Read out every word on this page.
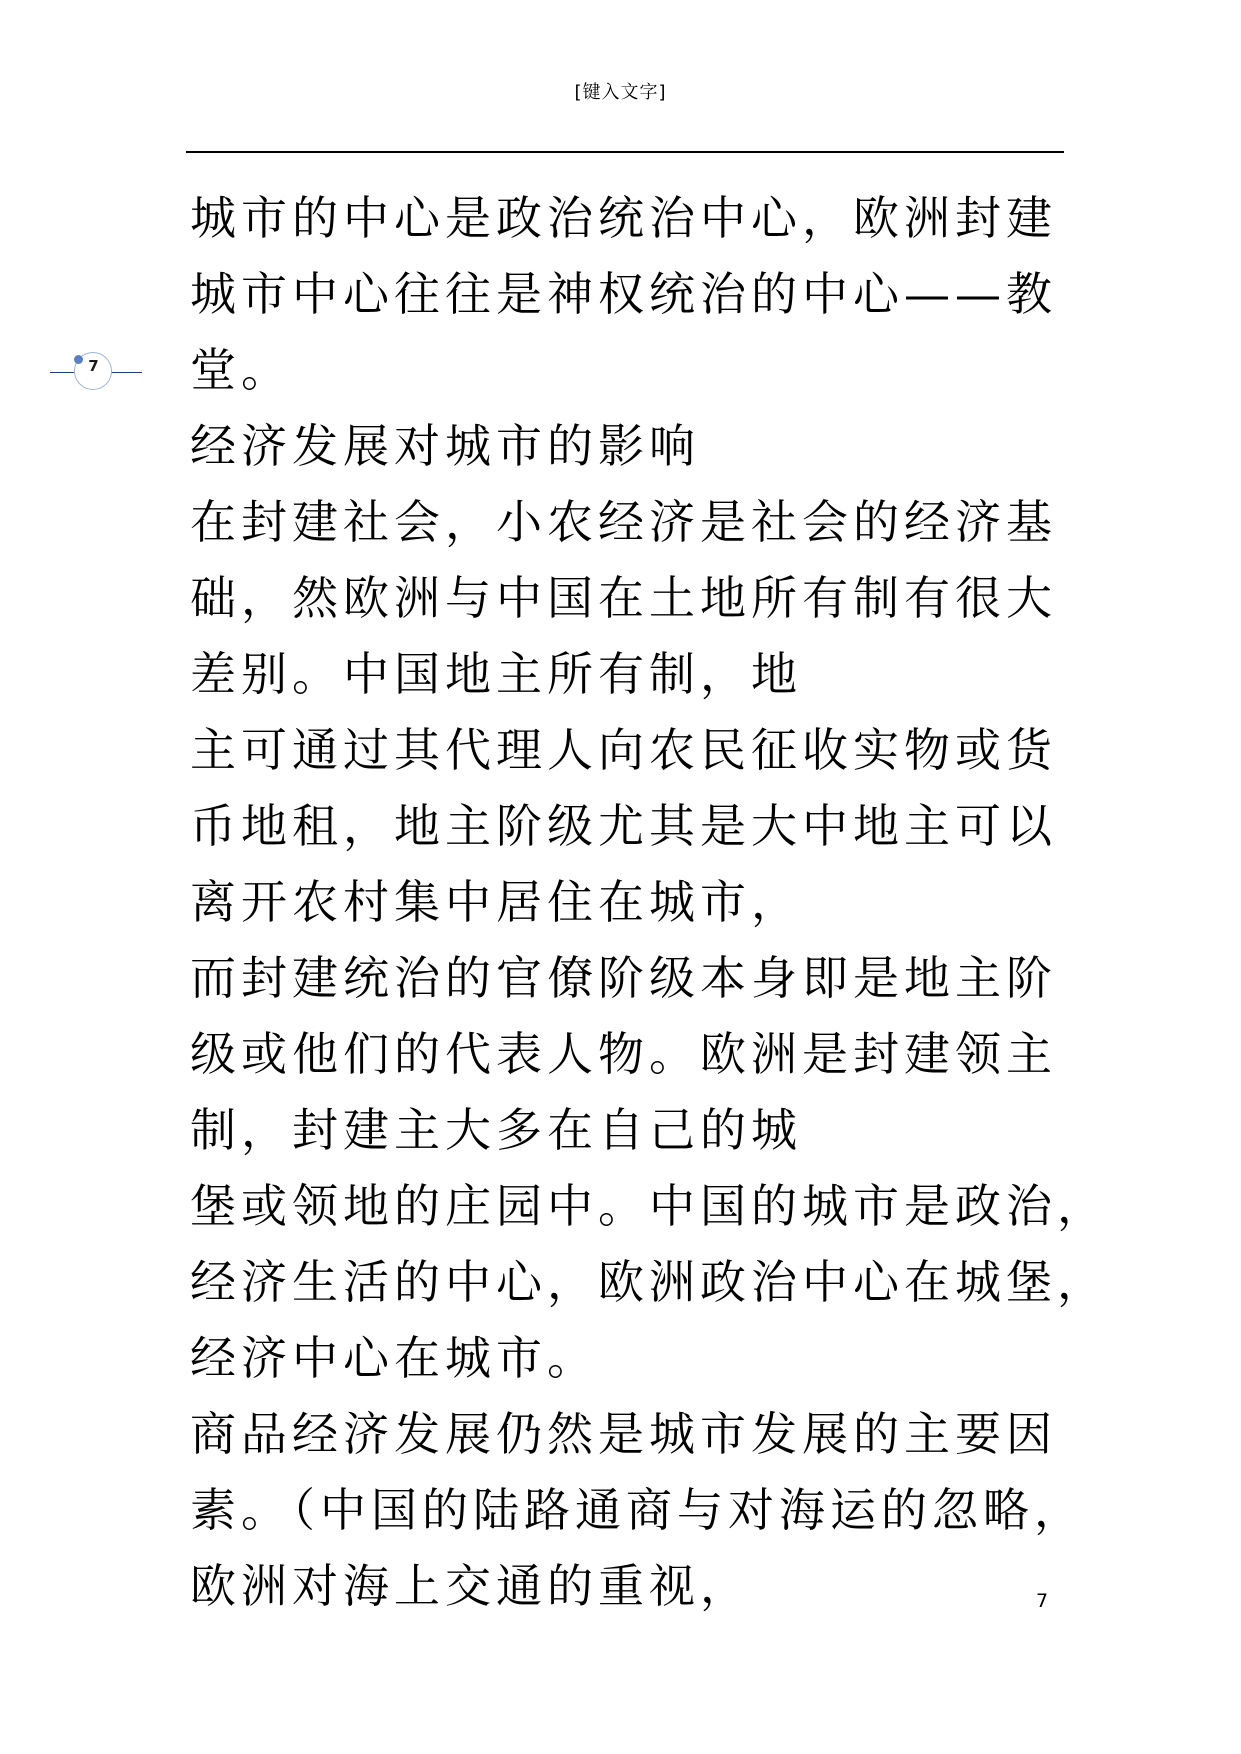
[键入文字]
7
城市的中心是政治统治中心，欧洲封建
城市中心往往是神权统治的中心——教
堂。
经济发展对城市的影响
在封建社会，小农经济是社会的经济基
础，然欧洲与中国在土地所有制有很大
差别。中国地主所有制，地
主可通过其代理人向农民征收实物或货
币地租，地主阶级尤其是大中地主可以
离开农村集中居住在城市，
而封建统治的官僚阶级本身即是地主阶
级或他们的代表人物。欧洲是封建领主
制，封建主大多在自己的城
堡或领地的庄园中。中国的城市是政治，
经济生活的中心，欧洲政治中心在城堡，
经济中心在城市。
商品经济发展仍然是城市发展的主要因
素。（中国的陆路通商与对海运的忽略，
欧洲对海上交通的重视，	7
